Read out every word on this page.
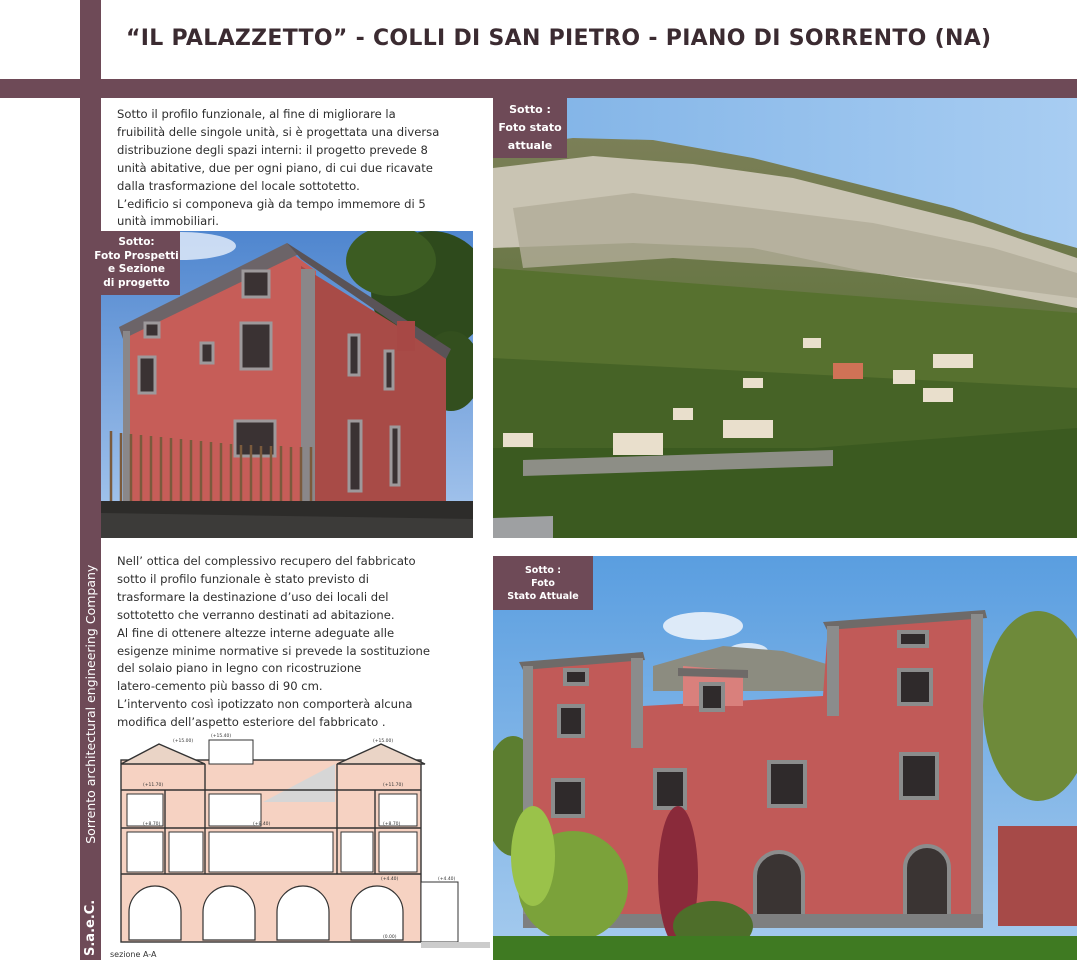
“IL PALAZZETTO” - COLLI DI SAN PIETRO - PIANO DI SORRENTO (NA)
S.a.e.C.
Sorrento architectural engineering Company
Sotto il profilo funzionale, al fine di migliorare la
fruibilità delle singole unità, si è progettata una diversa
distribuzione degli spazi interni: il progetto prevede 8
unità abitative, due per ogni piano, di cui due ricavate
dalla trasformazione del locale sottotetto.
L’edificio si componeva già da tempo immemore di 5
unità immobiliari.
Sotto:
Foto Prospetti
e Sezione
di progetto
Sotto :
Foto stato
attuale
Nell’ ottica del complessivo recupero del fabbricato
sotto il profilo funzionale è stato previsto di
trasformare la destinazione d’uso dei locali del
sottotetto che verranno destinati ad abitazione.
Al fine di ottenere altezze interne adeguate alle
esigenze minime normative si prevede la sostituzione
del solaio piano in legno con ricostruzione
latero-cemento più basso di 90 cm.
L’intervento così ipotizzato non comporterà alcuna
modifica dell’aspetto esteriore del fabbricato .
Sotto :
Foto
Stato Attuale
(+15.00)	(+15.00)
(+15.40)
(+11.70)	(+11.70)
(+8.70)	(+8.70)
(+8.40)
(+4.40)	(+4.40)
(0.00)
sezione A-A
